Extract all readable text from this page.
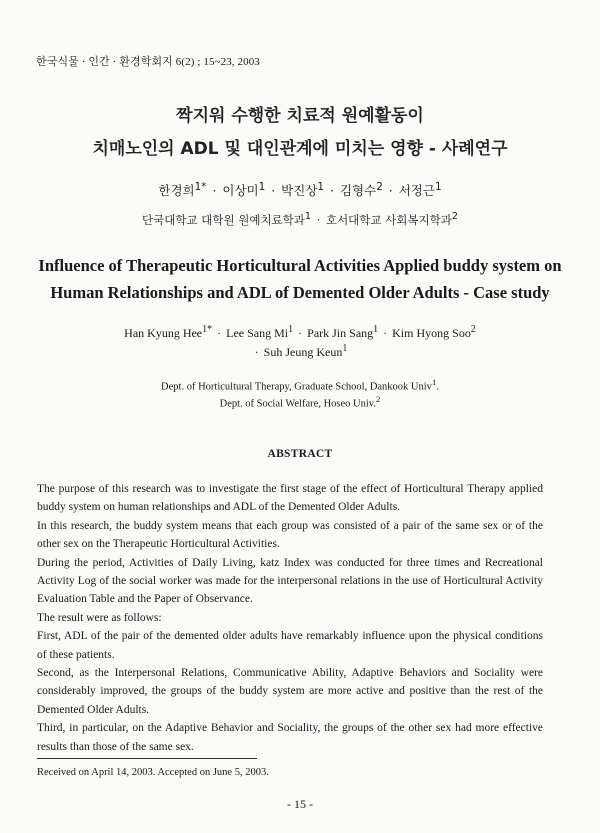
한국식물 · 인간 · 환경학회지 6(2) ; 15~23, 2003
짝지워 수행한 치료적 원예활동이
치매노인의 ADL 및 대인관계에 미치는 영향 - 사례연구
한경희$^{1*}$ · 이상미$^1$ · 박진상$^1$ · 김형수$^2$ · 서정근$^1$
단국대학교 대학원 원예치료학과$^1$ · 호서대학교 사회복지학과$^2$
Influence of Therapeutic Horticultural Activities Applied buddy system on
Human Relationships and ADL of Demented Older Adults - Case study
Han Kyung Hee$^{1*}$ · Lee Sang $Mi^1$ · Park Jin Sang$^1$ · Kim Hyong Soo$^2$
· Suh Jeung Keun$^1$
Dept. of Horticultural Therapy, Graduate School, Dankook Univ$^1$.
Dept. of Social Welfare, Hoseo Univ.$^2$
ABSTRACT

The purpose of this research was to investigate the first stage of the effect of Horticultural Therapy applied buddy system on human relationships and ADL of the Demented Older Adults.

In this research, the buddy system means that each group was consisted of a pair of the same sex or of the other sex on the Therapeutic Horticultural Activities.

During the period, Activities of Daily Living, katz Index was conducted for three times and Recreational Activity Log of the social worker was made for the interpersonal relations in the use of Horticultural Activity Evaluation Table and the Paper of Observance.

The result were as follows:

First, ADL of the pair of the demented older adults have remarkably influence upon the physical conditions of these patients.

Second, as the Interpersonal Relations, Communicative Ability, Adaptive Behaviors and Sociality were considerably improved, the groups of the buddy system are more active and positive than the rest of the Demented Older Adults.

Third, in particular, on the Adaptive Behavior and Sociality, the groups of the other sex had more effective results than those of the same sex.

Received on April 14, 2003. Accepted on June 5, 2003.
- 15 -
